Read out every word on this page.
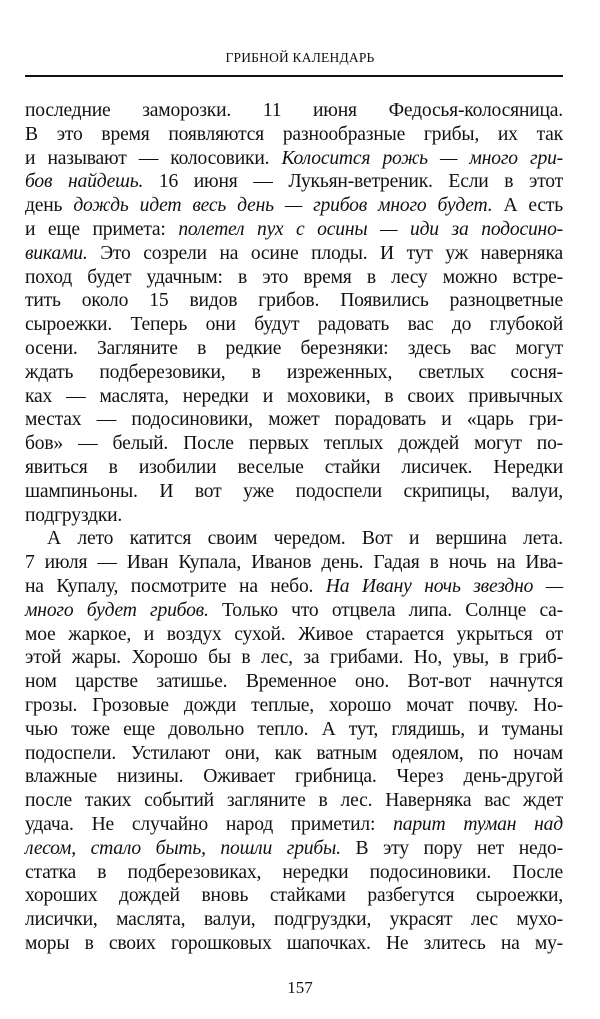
ГРИБНОЙ КАЛЕНДАРЬ
последние заморозки. 11 июня Федосья-колосяница.
В это время появляются разнообразные грибы, их так
и называют — колосовики. Колосится рожь — много гри-
бов найдешь. 16 июня — Лукьян-ветреник. Если в этот
день дождь идет весь день — грибов много будет. А есть
и еще примета: полетел пух с осины — иди за подосино-
виками. Это созрели на осине плоды. И тут уж наверняка
поход будет удачным: в это время в лесу можно встре-
тить около 15 видов грибов. Появились разноцветные
сыроежки. Теперь они будут радовать вас до глубокой
осени. Загляните в редкие березняки: здесь вас могут
ждать подберезовики, в изреженных, светлых сосня-
ках — маслята, нередки и моховики, в своих привычных
местах — подосиновики, может порадовать и «царь гри-
бов» — белый. После первых теплых дождей могут по-
явиться в изобилии веселые стайки лисичек. Нередки
шампиньоны. И вот уже подоспели скрипицы, валуи,
подгруздки.
А лето катится своим чередом. Вот и вершина лета.
7 июля — Иван Купала, Иванов день. Гадая в ночь на Ива-
на Купалу, посмотрите на небо. На Ивану ночь звездно —
много будет грибов. Только что отцвела липа. Солнце са-
мое жаркое, и воздух сухой. Живое старается укрыться от
этой жары. Хорошо бы в лес, за грибами. Но, увы, в гриб-
ном царстве затишье. Временное оно. Вот-вот начнутся
грозы. Грозовые дожди теплые, хорошо мочат почву. Но-
чью тоже еще довольно тепло. А тут, глядишь, и туманы
подоспели. Устилают они, как ватным одеялом, по ночам
влажные низины. Оживает грибница. Через день-другой
после таких событий загляните в лес. Наверняка вас ждет
удача. Не случайно народ приметил: парит туман над
лесом, стало быть, пошли грибы. В эту пору нет недо-
статка в подберезовиках, нередки подосиновики. После
хороших дождей вновь стайками разбегутся сыроежки,
лисички, маслята, валуи, подгруздки, украсят лес мухо-
моры в своих горошковых шапочках. Не злитесь на му-
157
